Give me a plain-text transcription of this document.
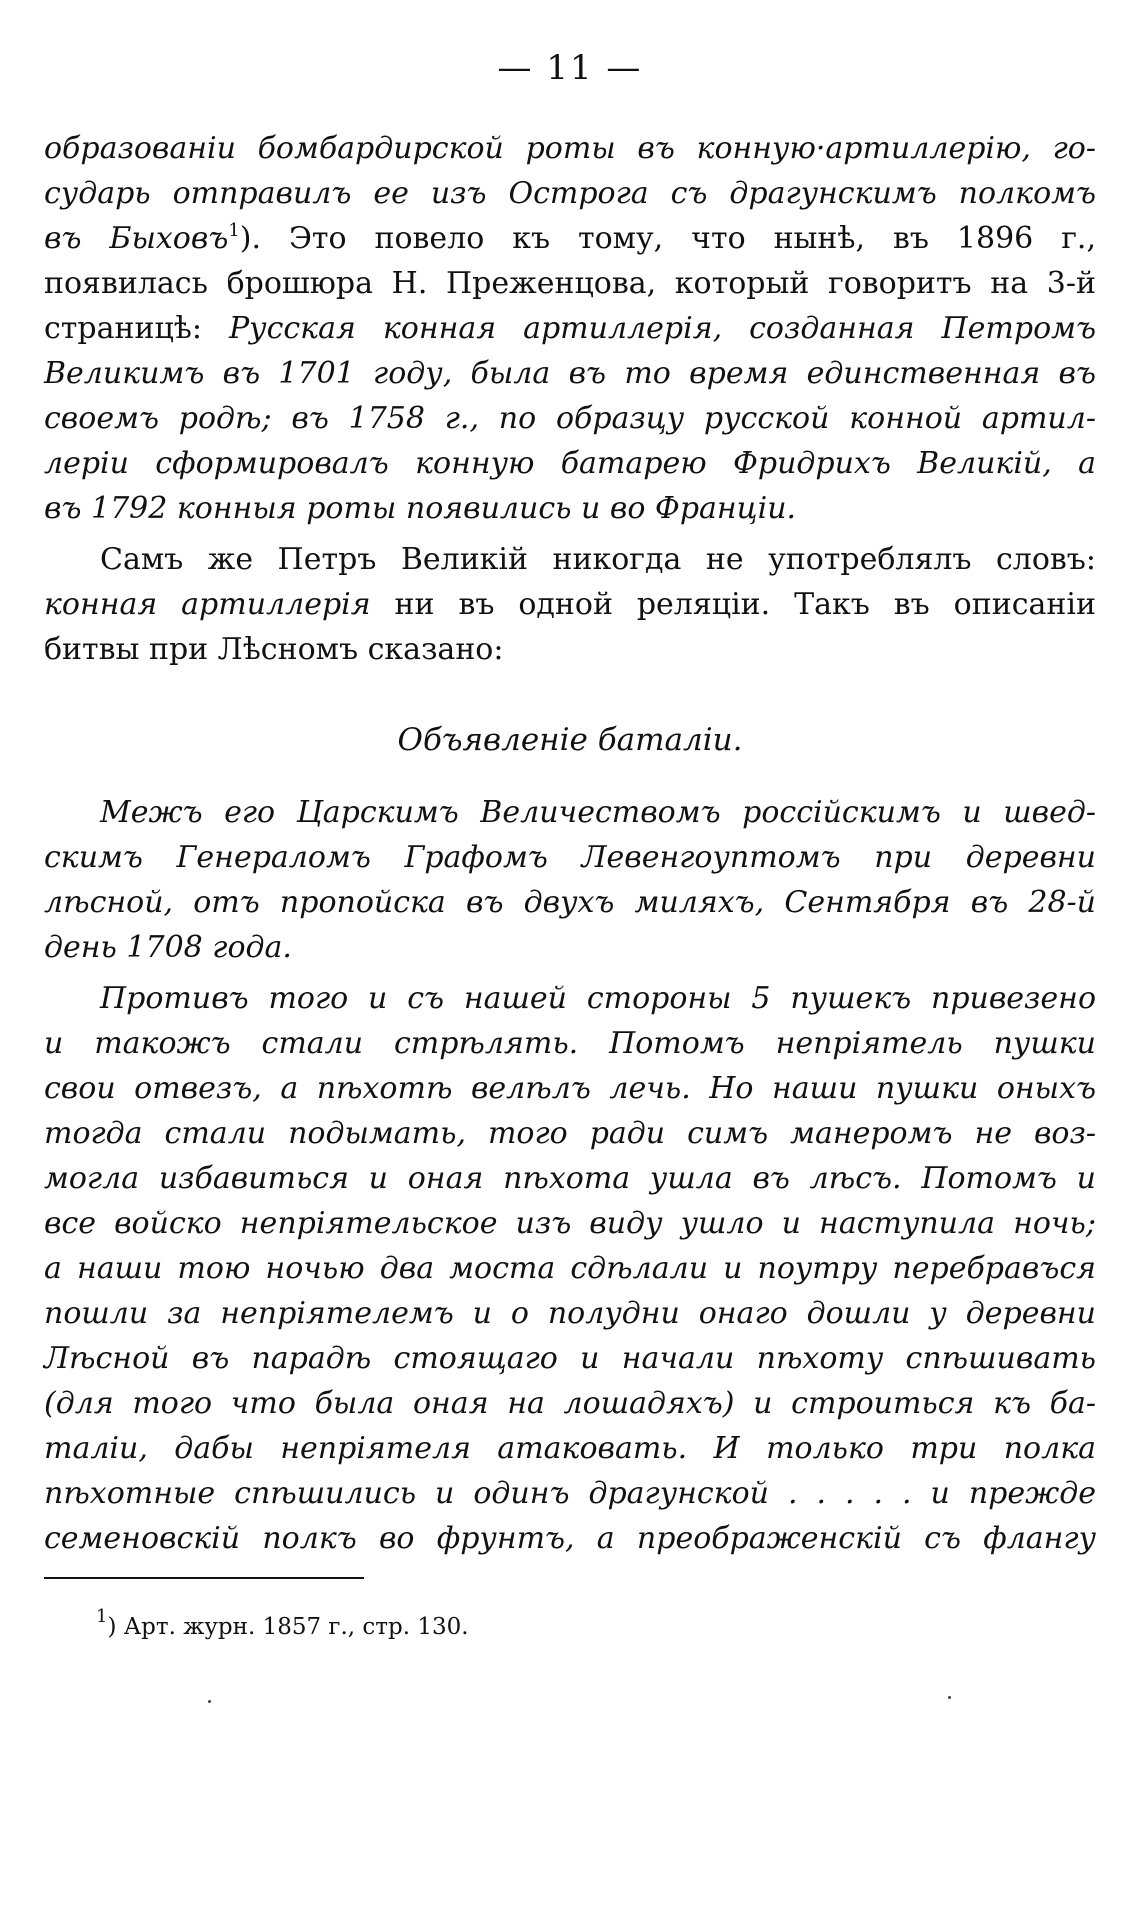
— 11 —

образованіи бомбардирской роты въ конную·артиллерію, го-
сударь отправилъ ее изъ Острога съ драгунскимъ полкомъ
въ Быховъ$^1$). Это повело къ тому, что нынѣ, въ 1896 г.,
появилась брошюра Н. Преженцова, который говоритъ на 3-й
страницѣ: Русская конная артиллерія, созданная Петромъ
Великимъ въ 1701 году, была въ то время единственная въ
своемъ родѣ; въ 1758 г., по образцу русской конной артил-
леріи сформировалъ конную батарею Фридрихъ Великій, а
въ 1792 конныя роты появились и во Франціи.

Самъ же Петръ Великій никогда не употреблялъ словъ:
конная артиллерія ни въ одной реляціи. Такъ въ описаніи
битвы при Лѣсномъ сказано:

Объявленіе баталіи.

Межъ его Царскимъ Величествомъ россійскимъ и швед-
скимъ Генераломъ Графомъ Левенгоуптомъ при деревни
лѣсной, отъ пропойска въ двухъ миляхъ, Сентября въ 28-й
день 1708 года.

Противъ того и съ нашей стороны 5 пушекъ привезено
и такожъ стали стрѣлять. Потомъ непріятель пушки
свои отвезъ, а пѣхотѣ велѣлъ лечь. Но наши пушки оныхъ
тогда стали подымать, того ради симъ манеромъ не воз-
могла избавиться и оная пѣхота ушла въ лѣсъ. Потомъ и
все войско непріятельское изъ виду ушло и наступила ночь;
а наши тою ночью два моста сдѣлали и поутру перебравъся
пошли за непріятелемъ и о полудни онаго дошли у деревни
Лѣсной въ парадѣ стоящаго и начали пѣхоту спѣшивать
(для того что была оная на лошадяхъ) и строиться къ ба-
таліи, дабы непріятеля атаковать. И только три полка
пѣхотные спѣшились и одинъ драгунской . . . . . и прежде
семеновскій полкъ во фрунтъ, а преображенскій съ флангу

$^1$) Арт. журн. 1857 г., стр. 130.
